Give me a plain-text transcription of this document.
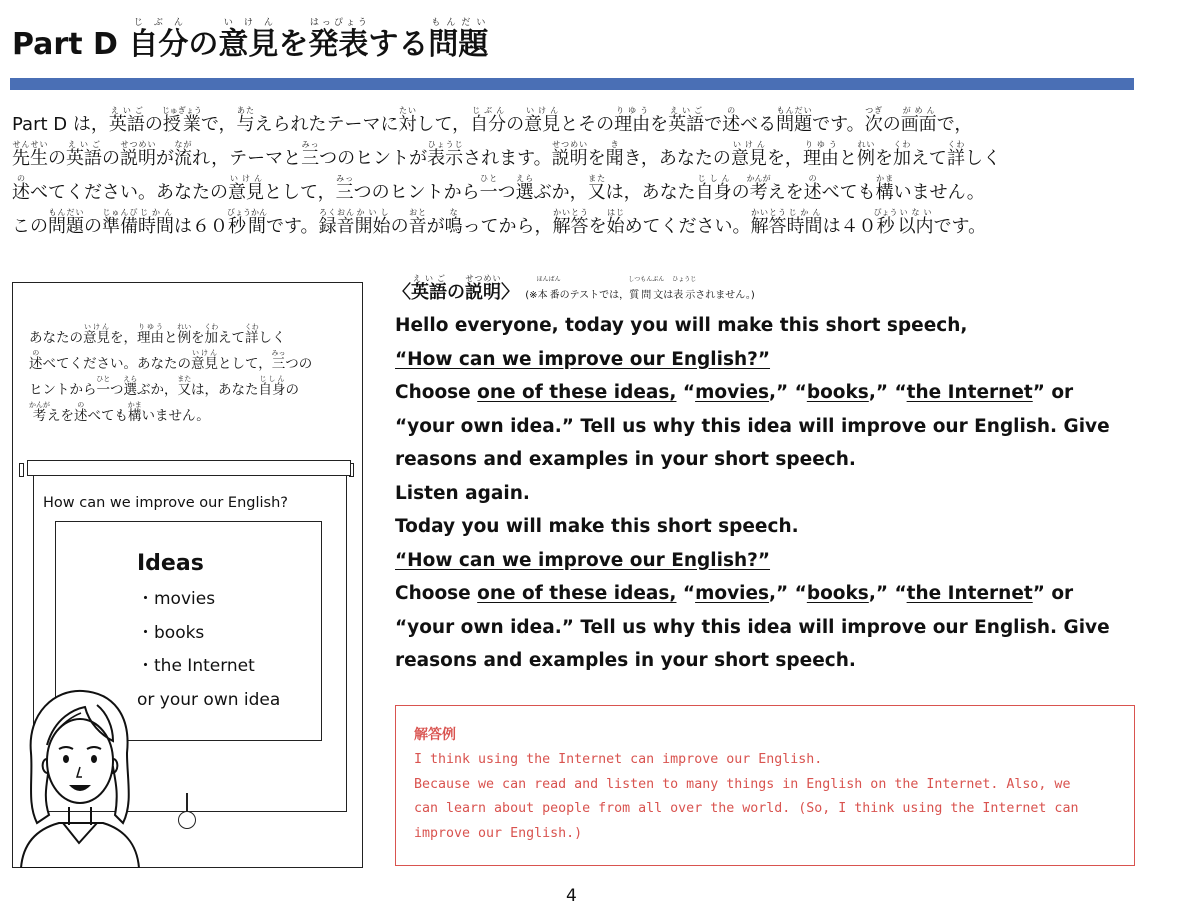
Part D 自分じぶんの意見いけんを発表はっぴょうする問題もんだい

Part D は，英語えいごの授業じゅぎょうで，与あたえられたテーマに対たいして，自分じぶんの意見いけんとその理由りゆうを英語えいごで述のべる問題もんだいです。次つぎの画面がめんで，

先生せんせいの英語えいごの説明せつめいが流ながれ，テーマと三みっつのヒントが表示ひょうじされます。説明せつめいを聞きき，あなたの意見いけんを，理由りゆうと例れいを加くわえて詳くわしく

述のべてください。あなたの意見いけんとして，三みっつのヒントから一ひとつ選えらぶか，又または，あなた自身じしんの考かんがえを述のべても構かまいません。

この問題もんだいの準備じゅんび時間じかんは６０秒間びょうかんです。録音ろくおん開始かいしの音おとが鳴なってから，解答かいとうを始はじめてください。解答かいとう時間じかんは４０秒びょう以内いないです。

あなたの意見いけんを，理由りゆうと例れいを加くわえて詳くわしく

述のべてください。あなたの意見いけんとして，三みっつの

ヒントから一ひとつ選えらぶか，又または，あなた自身じしんの

考かんがえを述のべても構かまいません。

How can we improve our English?
Ideas
・movies
・books
・the Internet
or your own idea
〈英語えいごの説明せつめい〉 (※本番ほんばんのテストでは，質問文しつもんぶんは表示ひょうじされません。)

Hello everyone, today you will make this short speech,

“How can we improve our English?”

Choose one of these ideas, “movies,” “books,” “the Internet” or

“your own idea.” Tell us why this idea will improve our English. Give

reasons and examples in your short speech.

Listen again.

Today you will make this short speech.

“How can we improve our English?”

Choose one of these ideas, “movies,” “books,” “the Internet” or

“your own idea.” Tell us why this idea will improve our English. Give

reasons and examples in your short speech.

解答例

I think using the Internet can improve our English.

Because we can read and listen to many things in English on the Internet. Also, we

can learn about people from all over the world. (So, I think using the Internet can

improve our English.)

4
